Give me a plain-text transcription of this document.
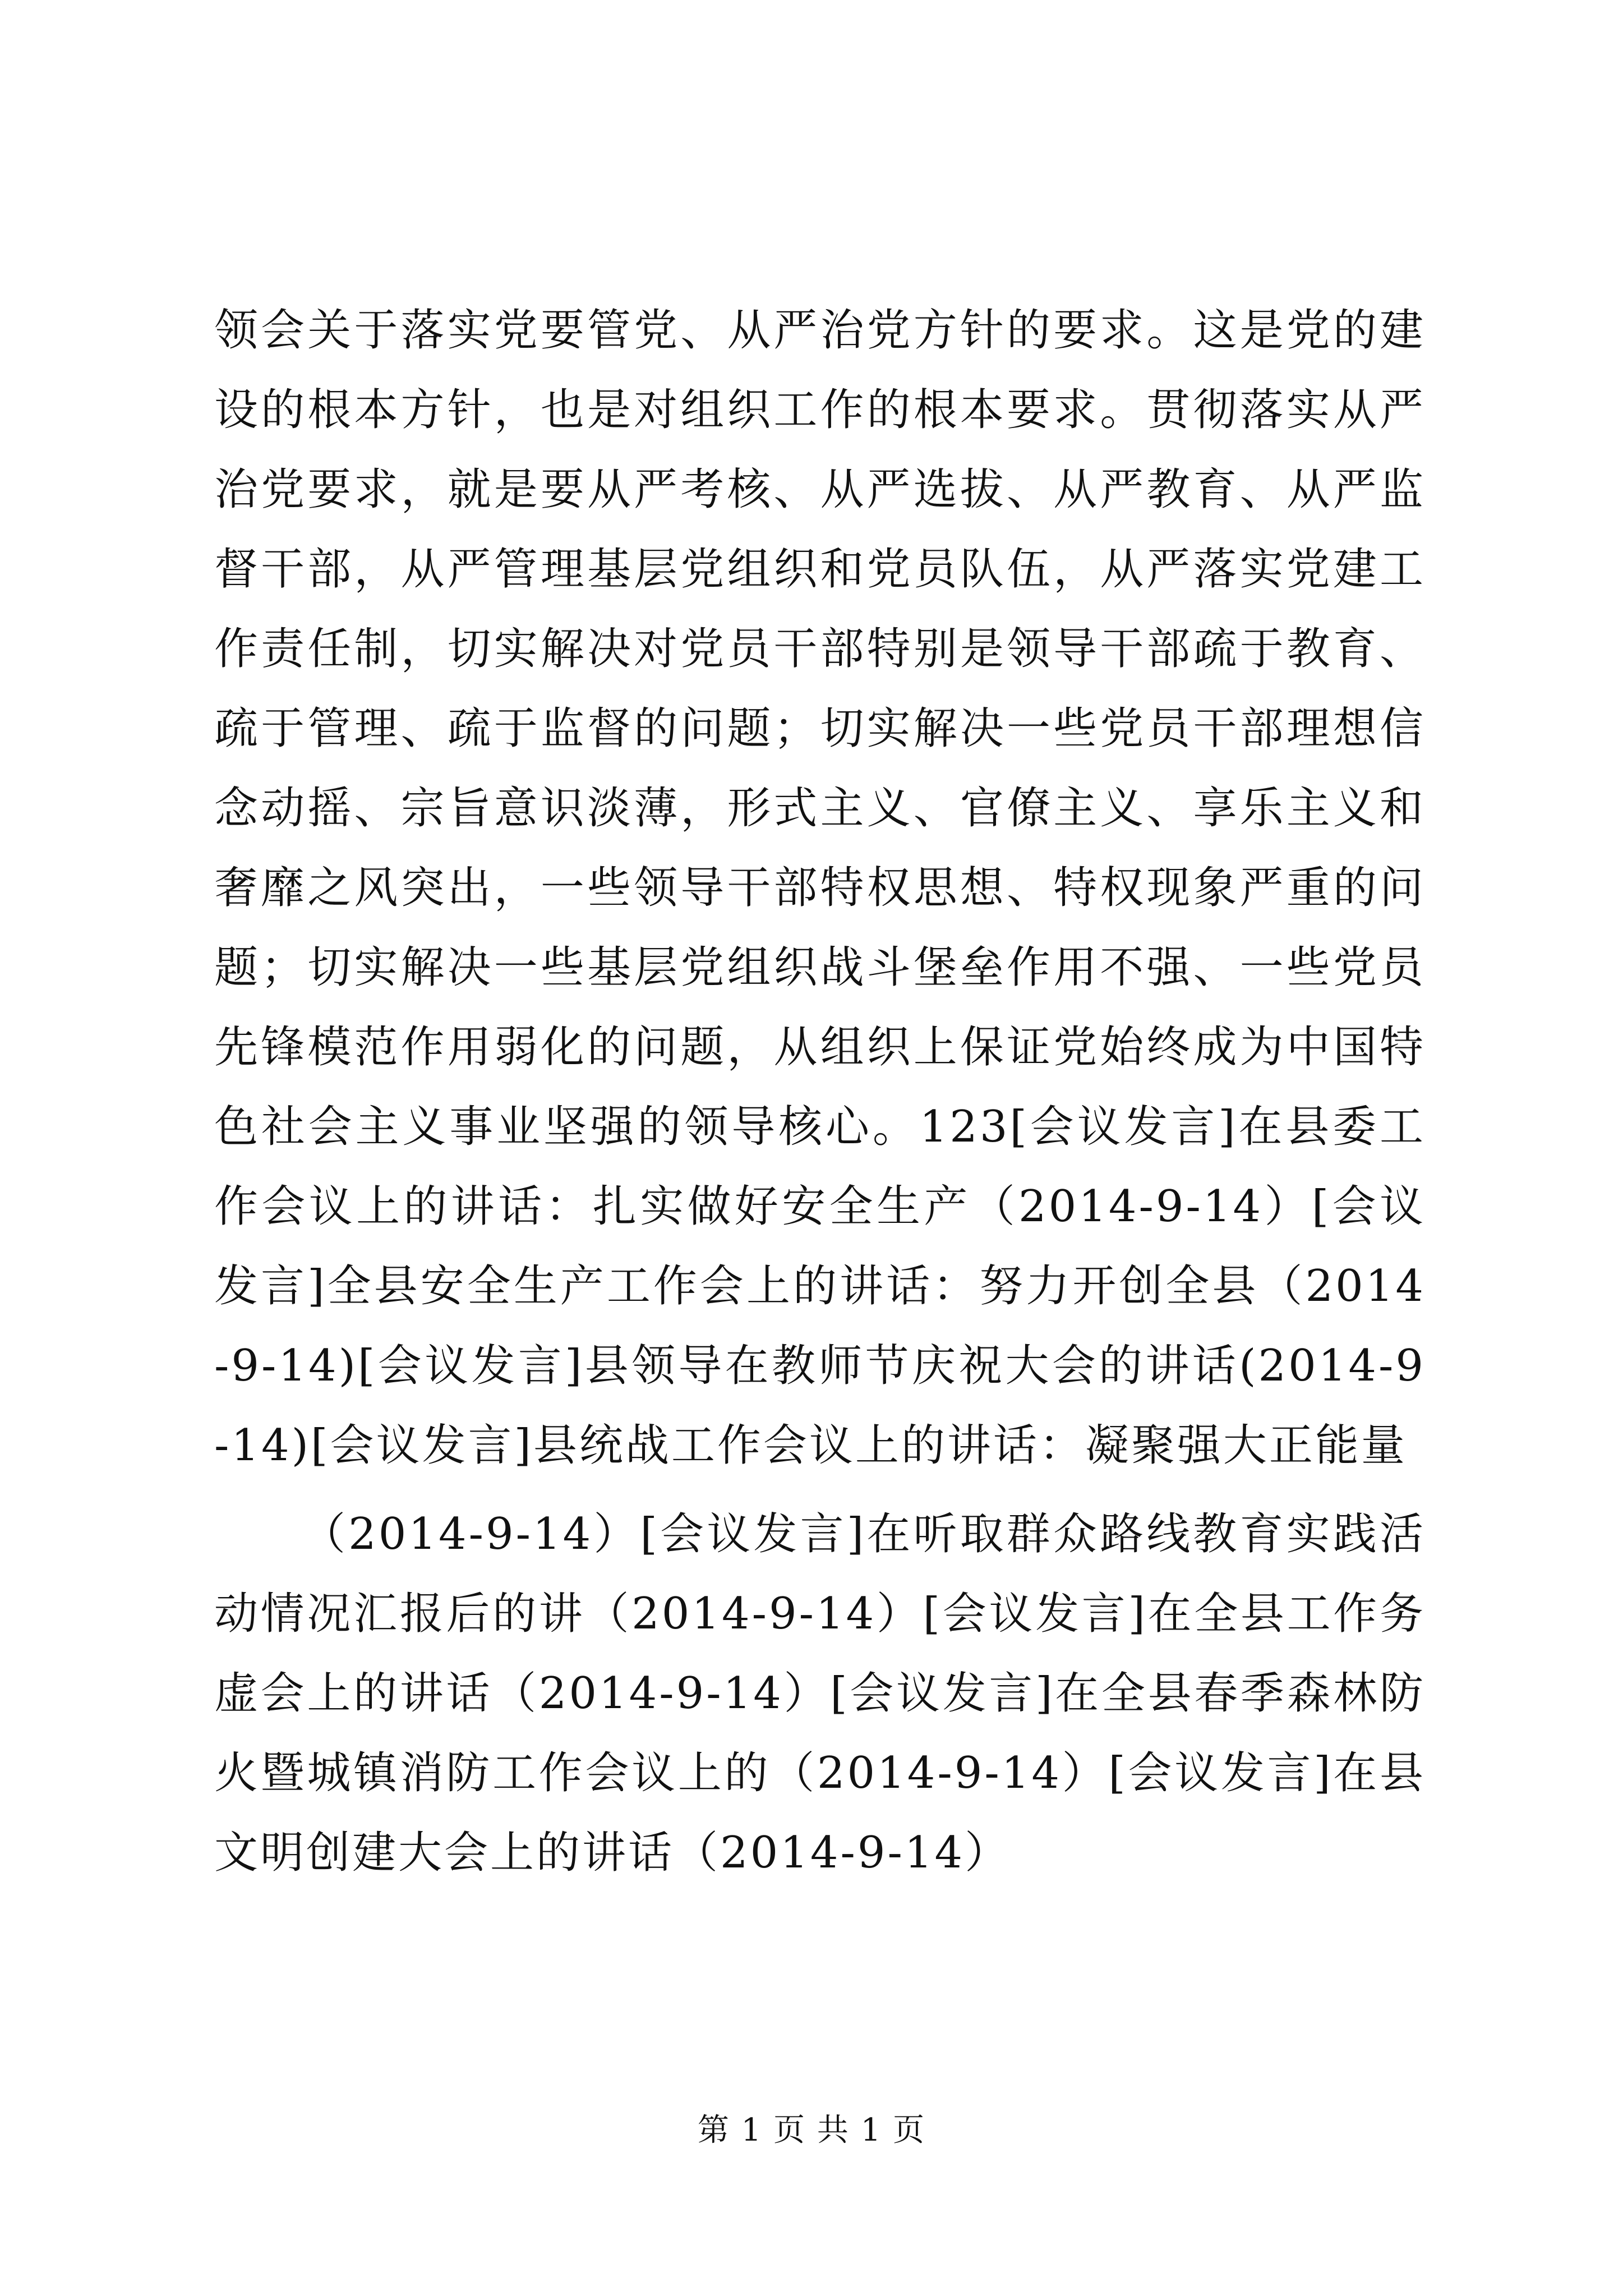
领会关于落实党要管党、从严治党方针的要求。这是党的建设的根本方针，也是对组织工作的根本要求。贯彻落实从严治党要求，就是要从严考核、从严选拔、从严教育、从严监督干部，从严管理基层党组织和党员队伍，从严落实党建工作责任制，切实解决对党员干部特别是领导干部疏于教育、疏于管理、疏于监督的问题；切实解决一些党员干部理想信念动摇、宗旨意识淡薄，形式主义、官僚主义、享乐主义和奢靡之风突出，一些领导干部特权思想、特权现象严重的问题；切实解决一些基层党组织战斗堡垒作用不强、一些党员先锋模范作用弱化的问题，从组织上保证党始终成为中国特色社会主义事业坚强的领导核心。123[会议发言]在县委工作会议上的讲话：扎实做好安全生产（2014-9-14）[会议发言]全县安全生产工作会上的讲话：努力开创全县（2014-9-14)[会议发言]县领导在教师节庆祝大会的讲话(2014-9-14)[会议发言]县统战工作会议上的讲话：凝聚强大正能量

（2014-9-14）[会议发言]在听取群众路线教育实践活动情况汇报后的讲（2014-9-14）[会议发言]在全县工作务虚会上的讲话（2014-9-14）[会议发言]在全县春季森林防火暨城镇消防工作会议上的（2014-9-14）[会议发言]在县文明创建大会上的讲话（2014-9-14）

第 1 页 共 1 页
